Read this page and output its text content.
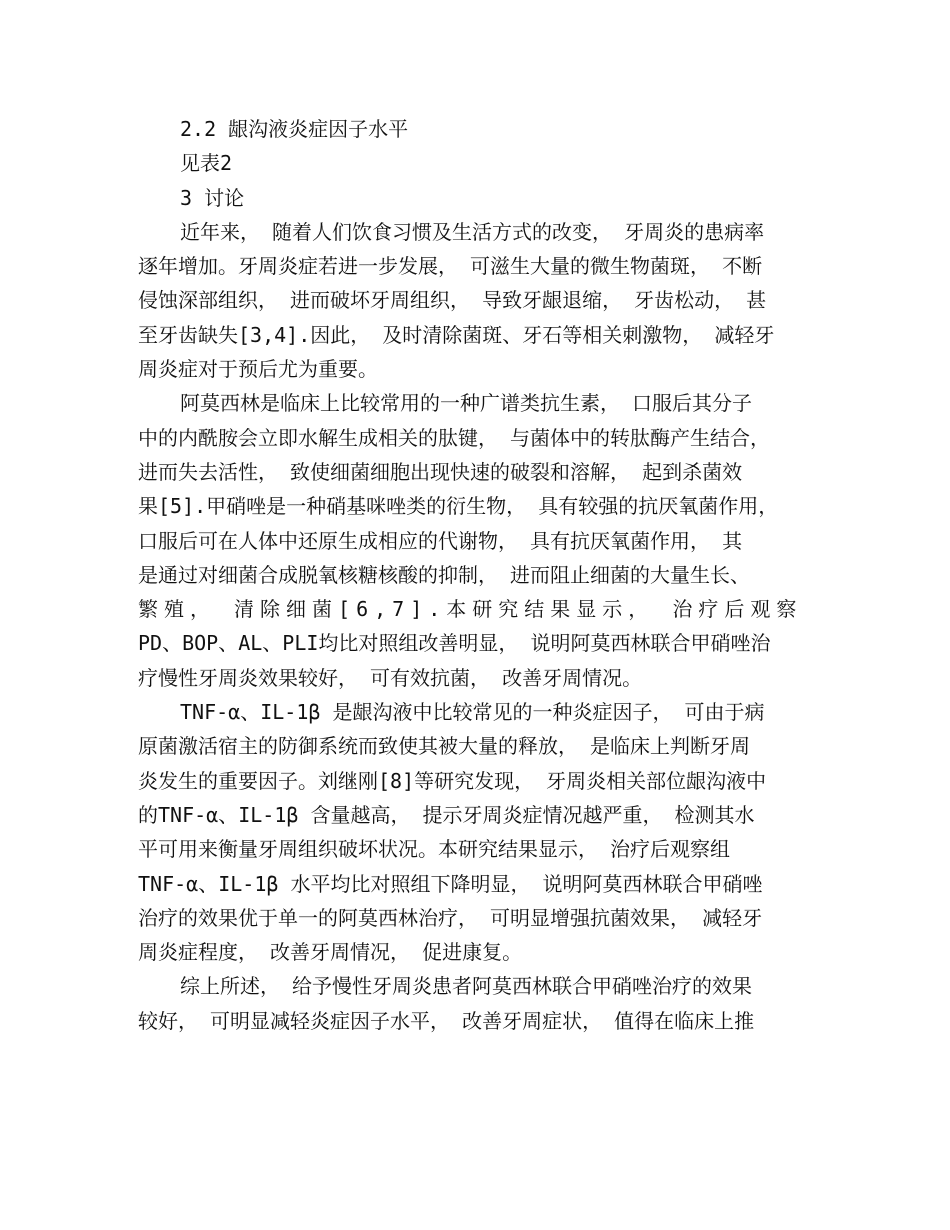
2.2 龈沟液炎症因子水平
见表2
3 讨论
近年来， 随着人们饮食习惯及生活方式的改变， 牙周炎的患病率
逐年增加。牙周炎症若进一步发展， 可滋生大量的微生物菌斑， 不断
侵蚀深部组织， 进而破坏牙周组织， 导致牙龈退缩， 牙齿松动， 甚
至牙齿缺失[3,4].因此， 及时清除菌斑、牙石等相关刺激物， 减轻牙
周炎症对于预后尤为重要。
阿莫西林是临床上比较常用的一种广谱类抗生素， 口服后其分子
中的内酰胺会立即水解生成相关的肽键， 与菌体中的转肽酶产生结合，
进而失去活性， 致使细菌细胞出现快速的破裂和溶解， 起到杀菌效
果[5].甲硝唑是一种硝基咪唑类的衍生物， 具有较强的抗厌氧菌作用，
口服后可在人体中还原生成相应的代谢物， 具有抗厌氧菌作用， 其
是通过对细菌合成脱氧核糖核酸的抑制， 进而阻止细菌的大量生长、
繁殖， 清除细菌[6,7].本研究结果显示， 治疗后观察
PD、BOP、AL、PLI均比对照组改善明显， 说明阿莫西林联合甲硝唑治
疗慢性牙周炎效果较好， 可有效抗菌， 改善牙周情况。
TNF-α、IL-1β 是龈沟液中比较常见的一种炎症因子， 可由于病
原菌激活宿主的防御系统而致使其被大量的释放， 是临床上判断牙周
炎发生的重要因子。刘继刚[8]等研究发现， 牙周炎相关部位龈沟液中
的TNF-α、IL-1β 含量越高， 提示牙周炎症情况越严重， 检测其水
平可用来衡量牙周组织破坏状况。本研究结果显示， 治疗后观察组
TNF-α、IL-1β 水平均比对照组下降明显， 说明阿莫西林联合甲硝唑
治疗的效果优于单一的阿莫西林治疗， 可明显增强抗菌效果， 减轻牙
周炎症程度， 改善牙周情况， 促进康复。
综上所述， 给予慢性牙周炎患者阿莫西林联合甲硝唑治疗的效果
较好， 可明显减轻炎症因子水平， 改善牙周症状， 值得在临床上推
